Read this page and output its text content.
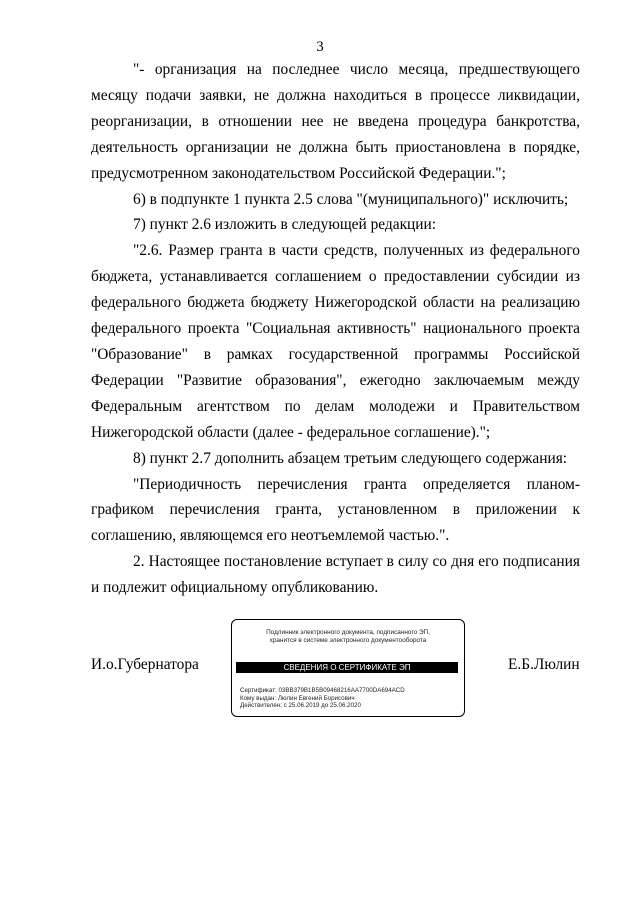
3

"- организация на последнее число месяца, предшествующего месяцу подачи заявки, не должна находиться в процессе ликвидации, реорганизации, в отношении нее не введена процедура банкротства, деятельность организации не должна быть приостановлена в порядке, предусмотренном законодательством Российской Федерации.";

6) в подпункте 1 пункта 2.5 слова "(муниципального)" исключить;

7) пункт 2.6 изложить в следующей редакции:

"2.6. Размер гранта в части средств, полученных из федерального бюджета, устанавливается соглашением о предоставлении субсидии из федерального бюджета бюджету Нижегородской области на реализацию федерального проекта "Социальная активность" национального проекта "Образование" в рамках государственной программы Российской Федерации "Развитие образования", ежегодно заключаемым между Федеральным агентством по делам молодежи и Правительством Нижегородской области (далее - федеральное соглашение).";

8) пункт 2.7 дополнить абзацем третьим следующего содержания:

"Периодичность перечисления гранта определяется планом-графиком перечисления гранта, установленном в приложении к соглашению, являющемся его неотъемлемой частью.".

2. Настоящее постановление вступает в силу со дня его подписания и подлежит официальному опубликованию.

И.о.Губернатора
Подлинник электронного документа, подписанного ЭП,
хранится в системе электронного документооборота
СВЕДЕНИЯ О СЕРТИФИКАТЕ ЭП
Сертификат: 03BB379B1B5B09468216AA7700DA694ACD
Кому выдан: Люлин Евгений Борисович
Действителен: с 25.06.2019 до 25.06.2020
Е.Б.Люлин
